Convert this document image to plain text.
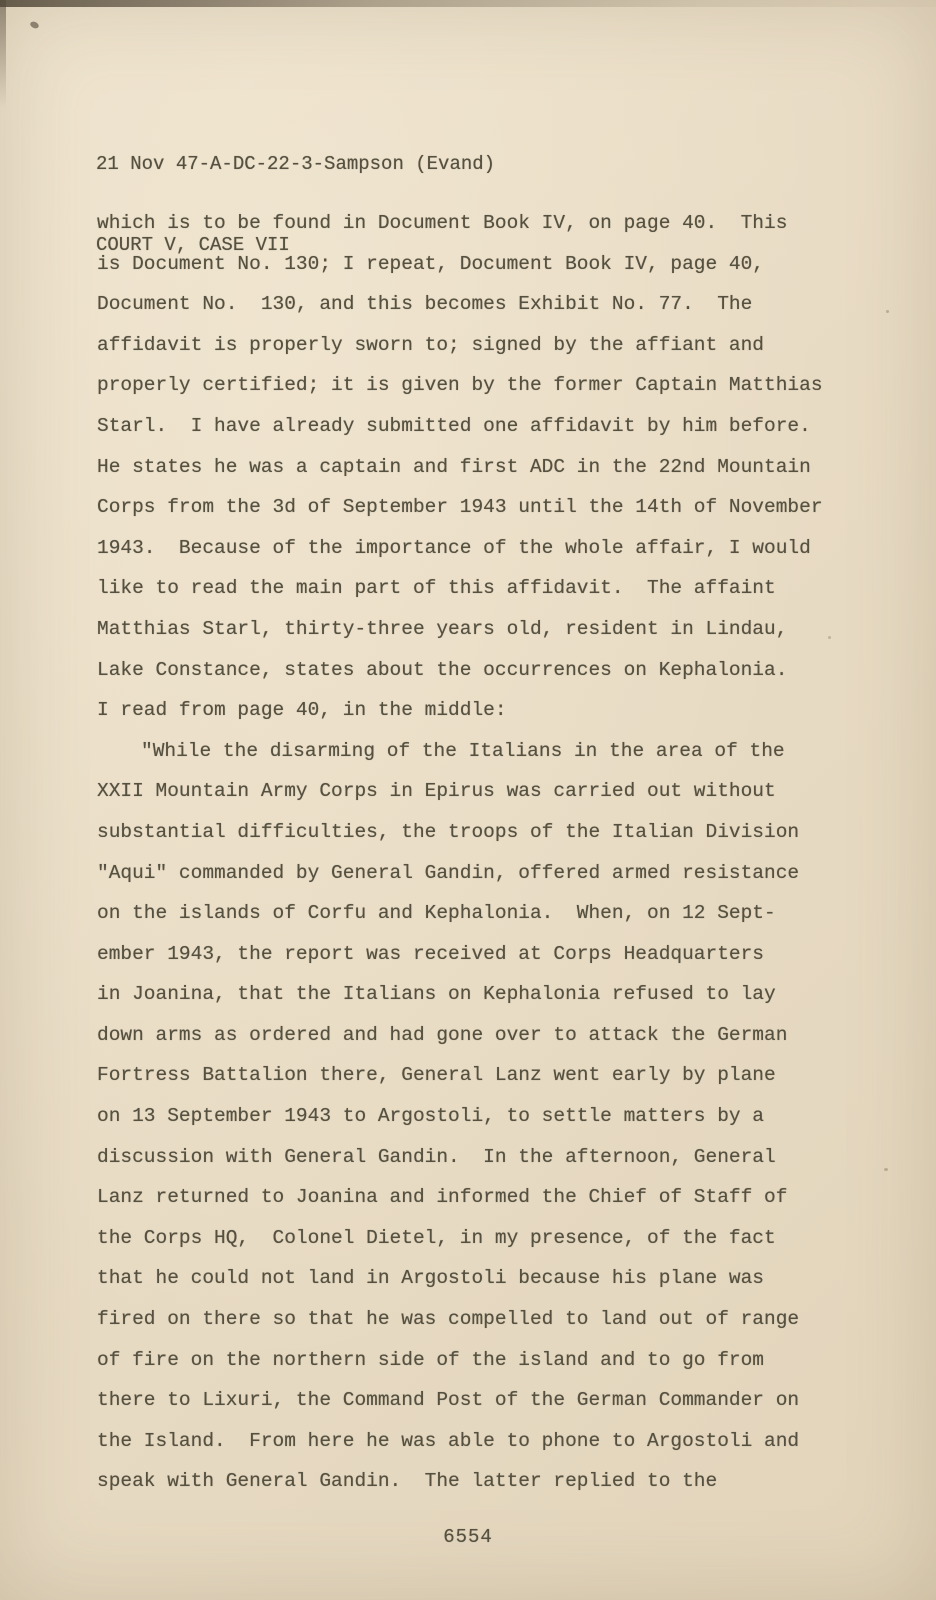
21 Nov 47-A-DC-22-3-Sampson (Evand)

COURT V, CASE VII

which is to be found in Document Book IV, on page 40.  This
is Document No. 130; I repeat, Document Book IV, page 40,
Document No.  130, and this becomes Exhibit No. 77.  The
affidavit is properly sworn to; signed by the affiant and
properly certified; it is given by the former Captain Matthias
Starl.  I have already submitted one affidavit by him before.
He states he was a captain and first ADC in the 22nd Mountain
Corps from the 3d of September 1943 until the 14th of November
1943.  Because of the importance of the whole affair, I would
like to read the main part of this affidavit.  The affaint
Matthias Starl, thirty-three years old, resident in Lindau,
Lake Constance, states about the occurrences on Kephalonia.
I read from page 40, in the middle:
"While the disarming of the Italians in the area of the
XXII Mountain Army Corps in Epirus was carried out without
substantial difficulties, the troops of the Italian Division
"Aqui" commanded by General Gandin, offered armed resistance
on the islands of Corfu and Kephalonia.  When, on 12 Sept-
ember 1943, the report was received at Corps Headquarters
in Joanina, that the Italians on Kephalonia refused to lay
down arms as ordered and had gone over to attack the German
Fortress Battalion there, General Lanz went early by plane
on 13 September 1943 to Argostoli, to settle matters by a
discussion with General Gandin.  In the afternoon, General
Lanz returned to Joanina and informed the Chief of Staff of
the Corps HQ,  Colonel Dietel, in my presence, of the fact
that he could not land in Argostoli because his plane was
fired on there so that he was compelled to land out of range
of fire on the northern side of the island and to go from
there to Lixuri, the Command Post of the German Commander on
the Island.  From here he was able to phone to Argostoli and
speak with General Gandin.  The latter replied to the
6554
